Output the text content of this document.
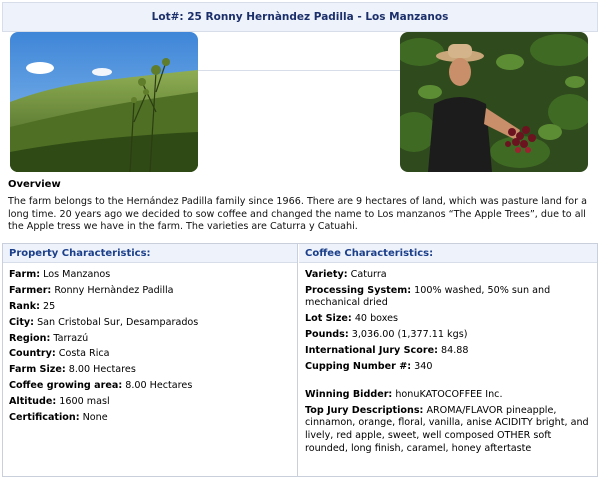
Lot#: 25 Ronny Hernàndez Padilla - Los Manzanos
Overview
The farm belongs to the Hernández Padilla family since 1966. There are 9 hectares of land, which was pasture land for a long time. 20 years ago we decided to sow coffee and changed the name to Los manzanos “The Apple Trees”, due to all the Apple tress we have in the farm. The varieties are Caturra y Catuahi.
Property Characteristics:
Farm: Los Manzanos
Farmer: Ronny Hernàndez Padilla
Rank: 25
City: San Cristobal Sur, Desamparados
Region: Tarrazú
Country: Costa Rica
Farm Size: 8.00 Hectares
Coffee growing area: 8.00 Hectares
Altitude: 1600 masl
Certification: None
Coffee Characteristics:
Variety: Caturra
Processing System: 100% washed, 50% sun and mechanical dried
Lot Size: 40 boxes
Pounds: 3,036.00 (1,377.11 kgs)
International Jury Score: 84.88
Cupping Number #: 340
Winning Bidder: honuKATOCOFFEE Inc.
Top Jury Descriptions: AROMA/FLAVOR pineapple, cinnamon, orange, floral, vanilla, anise ACIDITY bright, and lively, red apple, sweet, well composed OTHER soft rounded, long finish, caramel, honey aftertaste
